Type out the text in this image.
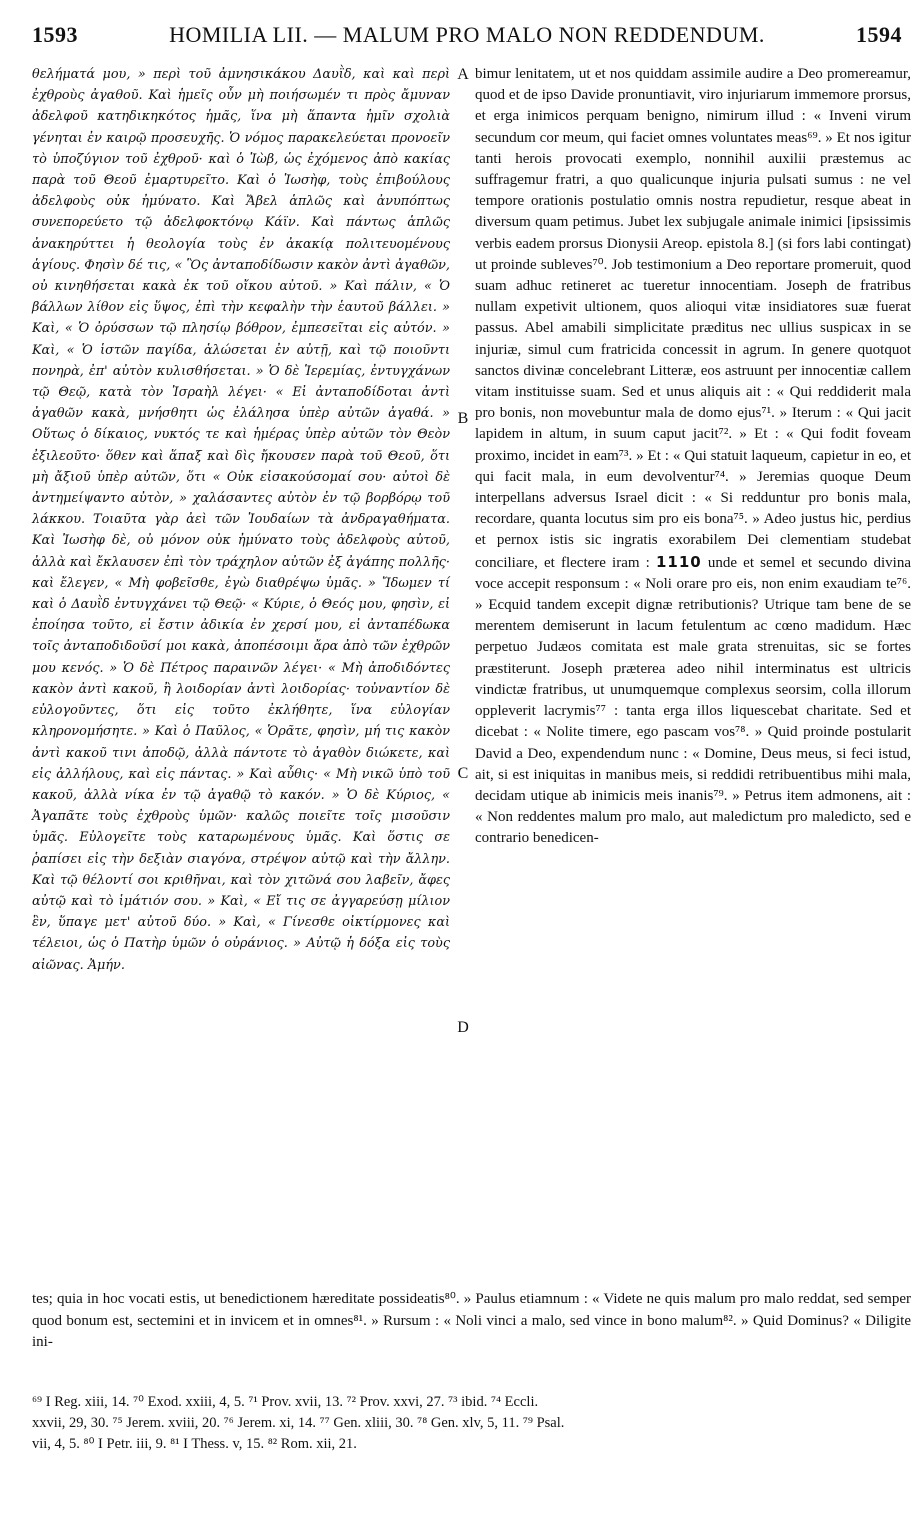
1593	HOMILIA LII. — MALUM PRO MALO NON REDDENDUM.	1594

θελήματά μου, » περὶ τοῦ ἀμνησικάκου Δαυῒδ, καὶ καὶ περὶ ἐχθροὺς ἀγαθοῦ. Καὶ ἡμεῖς οὖν μὴ ποιήσωμέν τι πρὸς ἄμυναν ἀδελφοῦ κατηδικηκότος ἡμᾶς, ἵνα μὴ ἅπαντα ἡμῖν σχολιὰ γένηται ἐν καιρῷ προσευχῆς. Ὁ νόμος παρακελεύεται προνοεῖν τὸ ὑποζύγιον τοῦ ἐχθροῦ· καὶ ὁ Ἰὼβ, ὡς ἐχόμενος ἀπὸ κακίας παρὰ τοῦ Θεοῦ ἐμαρτυρεῖτο. Καὶ ὁ Ἰωσὴφ, τοὺς ἐπιβούλους ἀδελφοὺς οὐκ ἠμύνατο. Καὶ Ἄβελ ἁπλῶς καὶ ἀνυπόπτως συνεπορεύετο τῷ ἀδελφοκτόνῳ Κάϊν. Καὶ πάντως ἁπλῶς ἀνακηρύττει ἡ θεολογία τοὺς ἐν ἀκακίᾳ πολιτευομένους ἁγίους. Φησὶν δέ τις, « Ὃς ἀνταποδίδωσιν κακὸν ἀντὶ ἀγαθῶν, οὐ κινηθήσεται κακὰ ἐκ τοῦ οἴκου αὐτοῦ. » Καὶ πάλιν, « Ὁ βάλλων λίθον εἰς ὕψος, ἐπὶ τὴν κεφαλὴν τὴν ἑαυτοῦ βάλλει. » Καὶ, « Ὁ ὀρύσσων τῷ πλησίῳ βόθρον, ἐμπεσεῖται εἰς αὐτόν. » Καὶ, « Ὁ ἱστῶν παγίδα, ἁλώσεται ἐν αὐτῇ, καὶ τῷ ποιοῦντι πονηρὰ, ἐπ' αὐτὸν κυλισθήσεται. » Ὁ δὲ Ἱερεμίας, ἐντυγχάνων τῷ Θεῷ, κατὰ τὸν Ἰσραὴλ λέγει· « Εἰ ἀνταποδίδοται ἀντὶ ἀγαθῶν κακὰ, μνήσθητι ὡς ἐλάλησα ὑπὲρ αὐτῶν ἀγαθά. » Οὕτως ὁ δίκαιος, νυκτός τε καὶ ἡμέρας ὑπὲρ αὐτῶν τὸν Θεὸν ἐξιλεοῦτο· ὅθεν καὶ ἅπαξ καὶ δὶς ἤκουσεν παρὰ τοῦ Θεοῦ, ὅτι μὴ ἄξιοῦ ὑπὲρ αὐτῶν, ὅτι « Οὐκ εἰσακούσομαί σου· αὐτοὶ δὲ ἀντημείψαντο αὐτὸν, » χαλάσαντες αὐτὸν ἐν τῷ βορβόρῳ τοῦ λάκκου. Τοιαῦτα γὰρ ἀεὶ τῶν Ἰουδαίων τὰ ἀνδραγαθήματα. Καὶ Ἰωσὴφ δὲ, οὐ μόνον οὐκ ἠμύνατο τοὺς ἀδελφοὺς αὐτοῦ, ἀλλὰ καὶ ἔκλαυσεν ἐπὶ τὸν τράχηλον αὐτῶν ἐξ ἀγάπης πολλῆς· καὶ ἔλεγεν, « Μὴ φοβεῖσθε, ἐγὼ διαθρέψω ὑμᾶς. » Ἴδωμεν τί καὶ ὁ Δαυῒδ ἐντυγχάνει τῷ Θεῷ· « Κύριε, ὁ Θεός μου, φησὶν, εἰ ἐποίησα τοῦτο, εἰ ἔστιν ἀδικία ἐν χερσί μου, εἰ ἀνταπέδωκα τοῖς ἀνταποδιδοῦσί μοι κακὰ, ἀποπέσοιμι ἄρα ἀπὸ τῶν ἐχθρῶν μου κενός. » Ὁ δὲ Πέτρος παραινῶν λέγει· « Μὴ ἀποδιδόντες κακὸν ἀντὶ κακοῦ, ἢ λοιδορίαν ἀντὶ λοιδορίας· τοὐναντίον δὲ εὐλογοῦντες, ὅτι εἰς τοῦτο ἐκλήθητε, ἵνα εὐλογίαν κληρονομήσητε. » Καὶ ὁ Παῦλος, « Ὁρᾶτε, φησὶν, μή τις κακὸν ἀντὶ κακοῦ τινι ἀποδῷ, ἀλλὰ πάντοτε τὸ ἀγαθὸν διώκετε, καὶ εἰς ἀλλήλους, καὶ εἰς πάντας. » Καὶ αὖθις· « Μὴ νικῶ ὑπὸ τοῦ κακοῦ, ἀλλὰ νίκα ἐν τῷ ἀγαθῷ τὸ κακόν. » Ὁ δὲ Κύριος, « Ἀγαπᾶτε τοὺς ἐχθροὺς ὑμῶν· καλῶς ποιεῖτε τοῖς μισοῦσιν ὑμᾶς. Εὐλογεῖτε τοὺς καταρωμένους ὑμᾶς. Καὶ ὅστις σε ῥαπίσει εἰς τὴν δεξιὰν σιαγόνα, στρέψον αὐτῷ καὶ τὴν ἄλλην. Καὶ τῷ θέλοντί σοι κριθῆναι, καὶ τὸν χιτῶνά σου λαβεῖν, ἄφες αὐτῷ καὶ τὸ ἱμάτιόν σου. » Καὶ, « Εἴ τις σε ἀγγαρεύσῃ μίλιον ἓν, ὕπαγε μετ' αὐτοῦ δύο. » Καὶ, « Γίνεσθε οἰκτίρμονες καὶ τέλειοι, ὡς ὁ Πατὴρ ὑμῶν ὁ οὐράνιος. » Αὐτῷ ἡ δόξα εἰς τοὺς αἰῶνας. Ἀμήν.

A
B
C
D

bimur lenitatem, ut et nos quiddam assimile audire a Deo promereamur, quod et de ipso Davide pronuntiavit, viro injuriarum immemore prorsus, et erga inimicos perquam benigno, nimirum illud : « Inveni virum secundum cor meum, qui faciet omnes voluntates meas⁶⁹. » Et nos igitur tanti herois provocati exemplo, nonnihil auxilii præstemus ac suffragemur fratri, a quo qualicunque injuria pulsati sumus : ne vel tempore orationis postulatio omnis nostra repudietur, resque abeat in diversum quam petimus. Jubet lex subjugale animale inimici [ipsissimis verbis eadem prorsus Dionysii Areop. epistola 8.] (si fors labi contingat) ut proinde subleves⁷⁰. Job testimonium a Deo reportare promeruit, quod suam adhuc retineret ac tueretur innocentiam. Joseph de fratribus nullam expetivit ultionem, quos alioqui vitæ insidiatores suæ fuerat passus. Abel amabili simplicitate præditus nec ullius suspicax in se injuriæ, simul cum fratricida concessit in agrum. In genere quotquot sanctos divinæ concelebrant Litteræ, eos astruunt per innocentiæ callem vitam instituisse suam. Sed et unus aliquis ait : « Qui reddiderit mala pro bonis, non movebuntur mala de domo ejus⁷¹. » Iterum : « Qui jacit lapidem in altum, in suum caput jacit⁷². » Et : « Qui fodit foveam proximo, incidet in eam⁷³. » Et : « Qui statuit laqueum, capietur in eo, et qui facit mala, in eum devolventur⁷⁴. » Jeremias quoque Deum interpellans adversus Israel dicit : « Si redduntur pro bonis mala, recordare, quanta locutus sim pro eis bona⁷⁵. » Adeo justus hic, perdius et pernox istis sic ingratis exorabilem Dei clementiam studebat conciliare, et flectere iram : 1110 unde et semel et secundo divina voce accepit responsum : « Noli orare pro eis, non enim exaudiam te⁷⁶. » Ecquid tandem excepit dignæ retributionis? Utrique tam bene de se merentem demiserunt in lacum fetulentum ac cœno madidum. Hæc perpetuo Judæos comitata est male grata strenuitas, sic se fortes præstiterunt. Joseph præterea adeo nihil interminatus est ultricis vindictæ fratribus, ut unumquemque complexus seorsim, colla illorum oppleverit lacrymis⁷⁷ : tanta erga illos liquescebat charitate. Sed et dicebat : « Nolite timere, ego pascam vos⁷⁸. » Quid proinde postularit David a Deo, expendendum nunc : « Domine, Deus meus, si feci istud, ait, si est iniquitas in manibus meis, si reddidi retribuentibus mihi mala, decidam utique ab inimicis meis inanis⁷⁹. » Petrus item admonens, ait : « Non reddentes malum pro malo, aut maledictum pro maledicto, sed e contrario benedicen-

tes; quia in hoc vocati estis, ut benedictionem hæreditate possideatis⁸⁰. » Paulus etiamnum : « Videte ne quis malum pro malo reddat, sed semper quod bonum est, sectemini et in invicem et in omnes⁸¹. » Rursum : « Noli vinci a malo, sed vince in bono malum⁸². » Quid Dominus? « Diligite ini-

⁶⁹ I Reg. xiii, 14. ⁷⁰ Exod. xxiii, 4, 5. ⁷¹ Prov. xvii, 13. ⁷² Prov. xxvi, 27. ⁷³ ibid. ⁷⁴ Eccli.

xxvii, 29, 30. ⁷⁵ Jerem. xviii, 20. ⁷⁶ Jerem. xi, 14. ⁷⁷ Gen. xliii, 30. ⁷⁸ Gen. xlv, 5, 11. ⁷⁹ Psal.

vii, 4, 5. ⁸⁰ I Petr. iii, 9. ⁸¹ I Thess. v, 15. ⁸² Rom. xii, 21.
